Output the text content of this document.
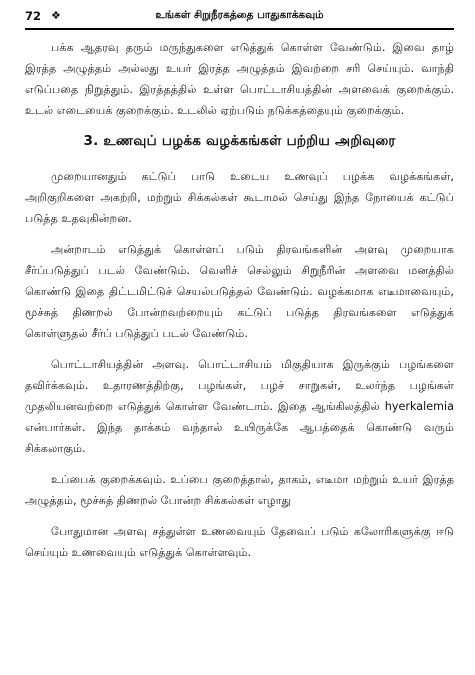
72 ❖	உங்கள் சிறுநீரகத்தை பாதுகாக்கவும்

பக்க ஆதரவு தரும் மருந்துகளை எடுத்துக் கொள்ள வேண்டும். இவை தாழ் இரத்த அழுத்தம் அல்லது உயர் இரத்த அழுத்தம் இவற்றை சரி செய்யும். வாந்தி எடுப்பதை நிறுத்தும். இரத்தத்தில் உள்ள பொட்டாசியத்தின் அளவைக் குறைக்கும். உடல் எடையைக் குறைக்கும். உடலில் ஏற்படும் நடுக்கத்தையும் குறைக்கும்.

3. உணவுப் பழக்க வழக்கங்கள் பற்றிய அறிவுரை

முறையானதும் கட்டுப் பாடு உடைய உணவுப் பழக்க வழக்கங்கள், அறிகுறிகளை அகற்றி, மற்றும் சிக்கல்கள் கூடாமல் செய்து இந்த நோயைக் கட்டுப் படுத்த உதவுகின்றன.

அன்றாடம் எடுத்துக் கொள்ளப் படும் திரவங்களின் அளவு முறையாக சீர்ப்படுத்துப் படல் வேண்டும். வெளிச் செல்லும் சிறுநீரின் அளவை மனத்தில் கொண்டு இதை திட்டமிட்டுச் செயல்படுத்தல் வேண்டும். வழக்கமாக எடீமாவையும், மூச்சுத் திணறல் போன்றவற்றையும் கட்டுப் படுத்த திரவங்களை எடுத்துக் கொள்ளுதல் சீர்ப் படுத்துப் படல் வேண்டும்.

பொட்டாசியத்தின் அளவு. பொட்டாசியம் மிகுதியாக இருக்கும் பழங்களை தவிர்க்கவும். உதாரணத்திற்கு, பழங்கள், பழச் சாறுகள், உலர்ந்த பழங்கள் முதலியனவற்றை எடுத்துக் கொள்ள வேண்டாம். இதை ஆங்கிலத்தில் hyerkalemia என்பார்கள். இந்த தாக்கம் வந்தால் உயிருக்கே ஆபத்தைக் கொண்டு வரும் சிக்கலாகும்.

உப்பைக் குறைக்கவும். உப்பை குறைத்தால், தாகம், எடீமா மற்றும் உயர் இரத்த அழுத்தம், மூச்சுத் திணறல் போன்ற சிக்கல்கள் எழாது

போதுமான அளவு சத்துள்ள உணவையும் தேவைப் படும் கலோரிகளுக்கு ஈடு செய்யும் உணவையும் எடுத்துக் கொள்ளவும்.
